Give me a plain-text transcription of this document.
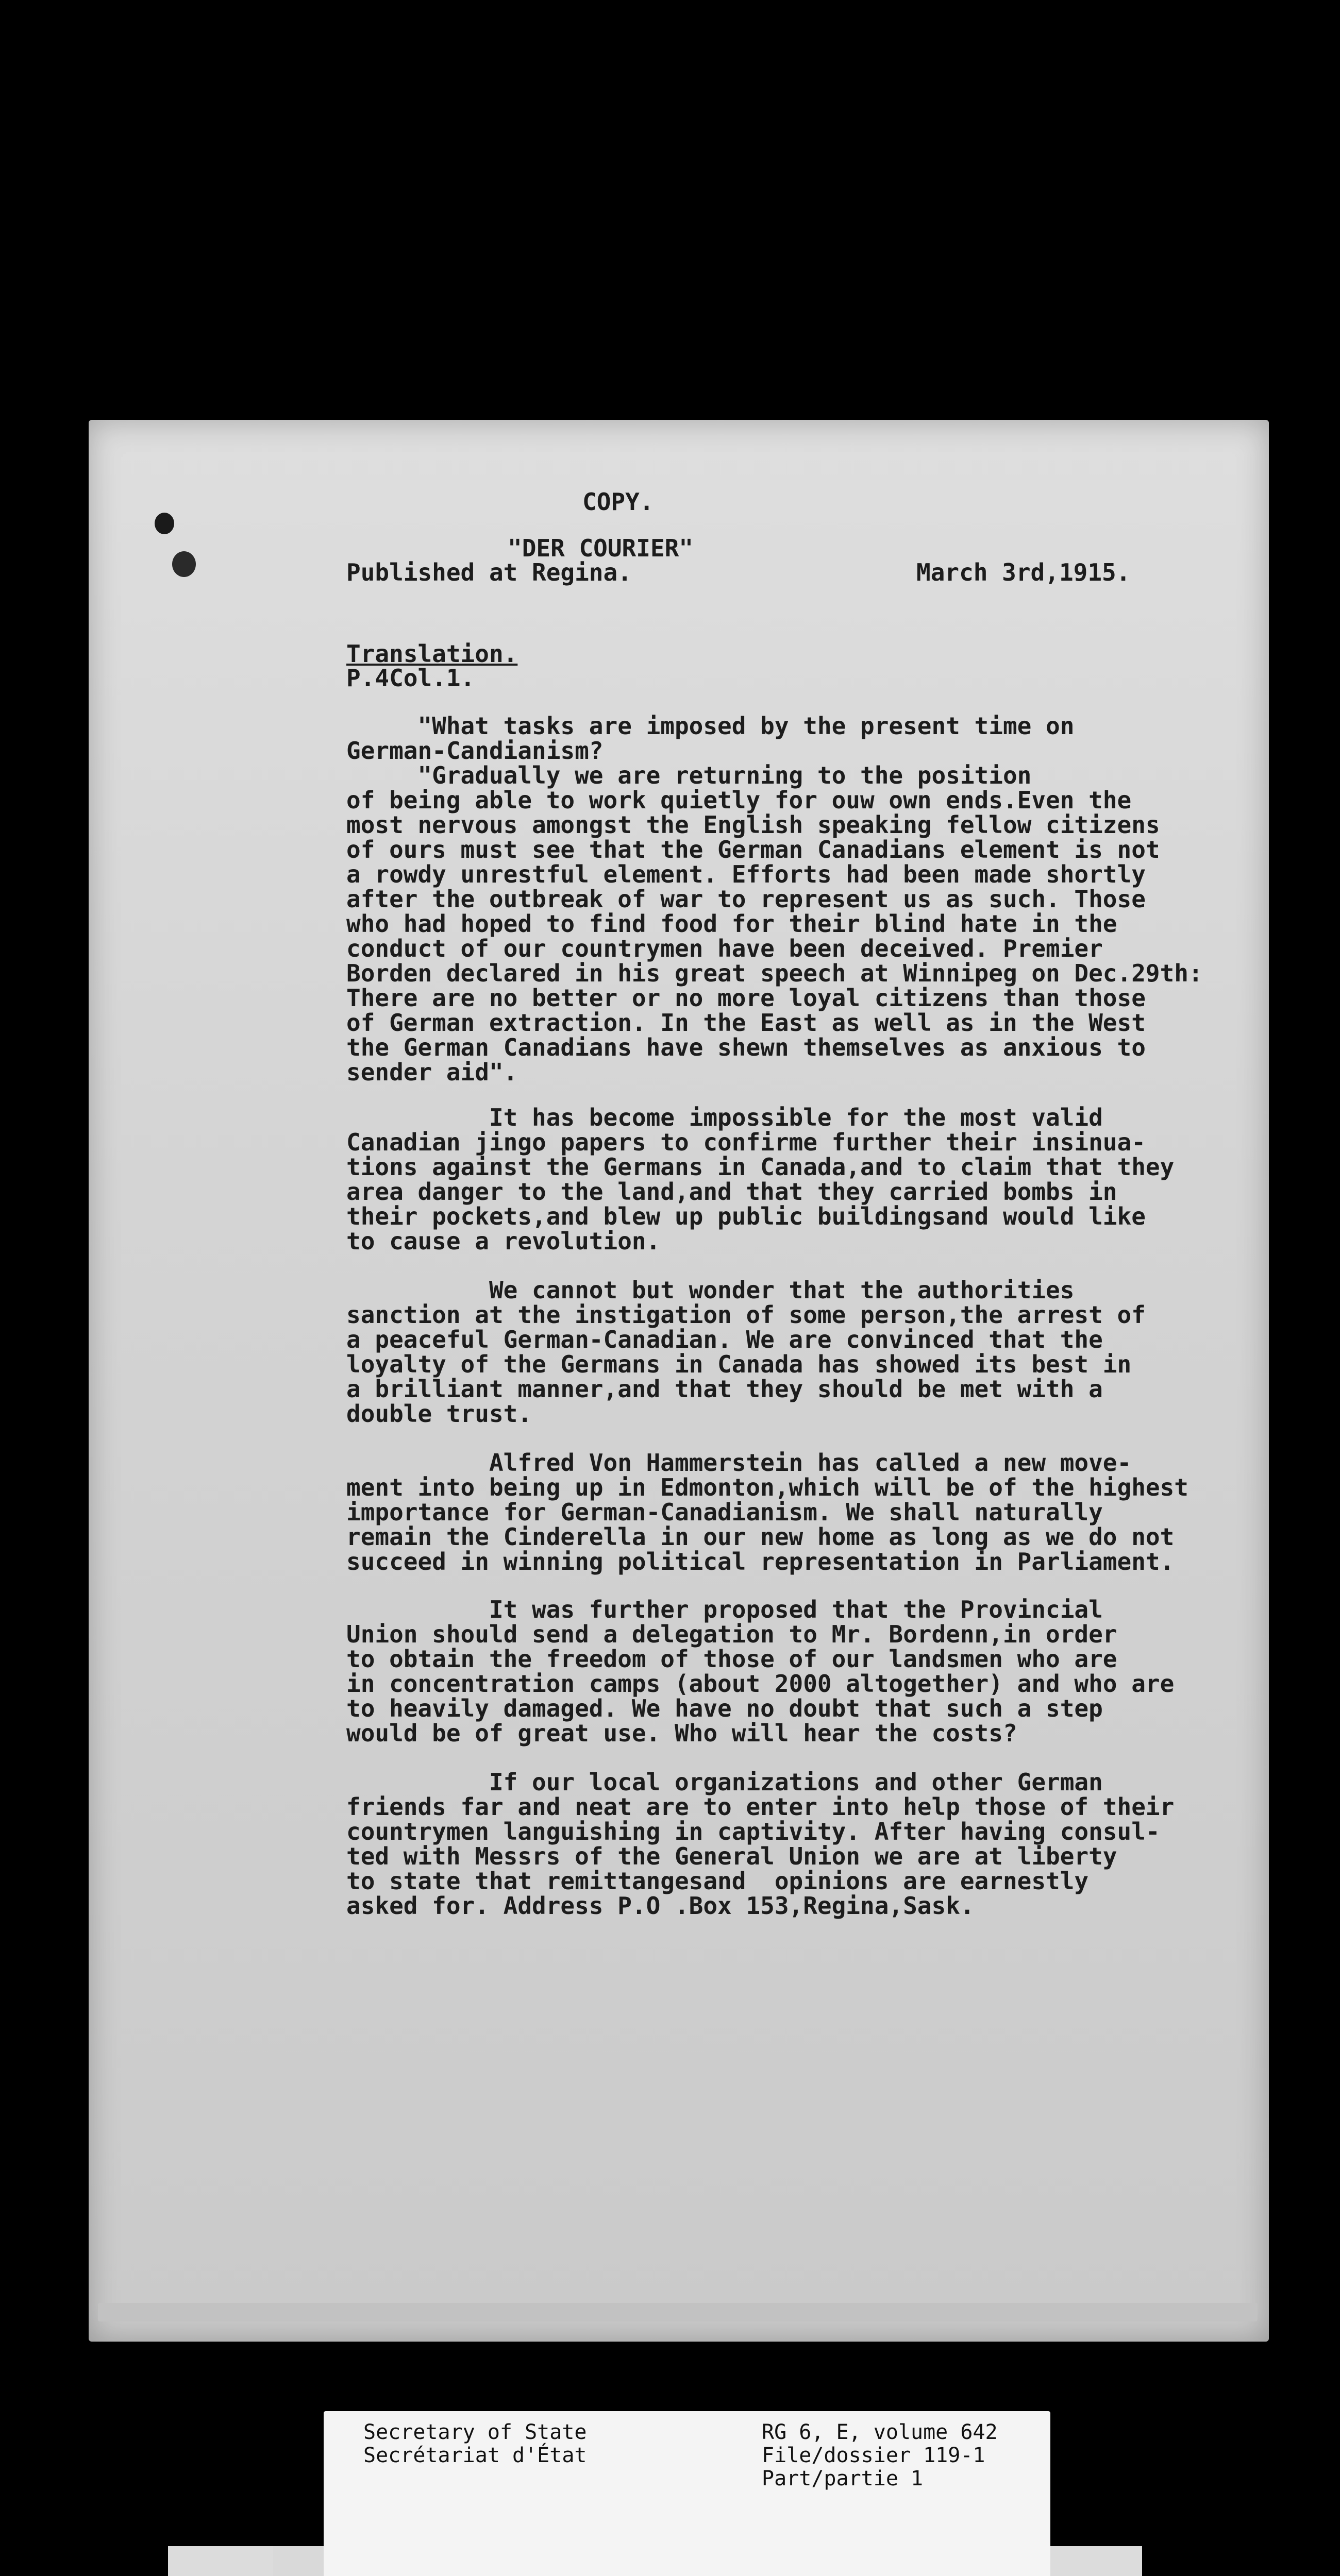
COPY.

"DER COURIER"

Published at Regina.	March 3rd,1915.

Translation.

P.4Col.1.

"What tasks are imposed by the present time on
German-Candianism?
"Gradually we are returning to the position
of being able to work quietly for ouw own ends.Even the
most nervous amongst the English speaking fellow citizens
of ours must see that the German Canadians element is not
a rowdy unrestful element. Efforts had been made shortly
after the outbreak of war to represent us as such. Those
who had hoped to find food for their blind hate in the
conduct of our countrymen have been deceived. Premier
Borden declared in his great speech at Winnipeg on Dec.29th:
There are no better or no more loyal citizens than those
of German extraction. In the East as well as in the West
the German Canadians have shewn themselves as anxious to
sender aid".
It has become impossible for the most valid
Canadian jingo papers to confirme further their insinua-
tions against the Germans in Canada,and to claim that they
area danger to the land,and that they carried bombs in
their pockets,and blew up public buildingsand would like
to cause a revolution.
We cannot but wonder that the authorities
sanction at the instigation of some person,the arrest of
a peaceful German-Canadian. We are convinced that the
loyalty of the Germans in Canada has showed its best in
a brilliant manner,and that they should be met with a
double trust.
Alfred Von Hammerstein has called a new move-
ment into being up in Edmonton,which will be of the highest
importance for German-Canadianism. We shall naturally
remain the Cinderella in our new home as long as we do not
succeed in winning political representation in Parliament.
It was further proposed that the Provincial
Union should send a delegation to Mr. Bordenn,in order
to obtain the freedom of those of our landsmen who are
in concentration camps (about 2000 altogether) and who are
to heavily damaged. We have no doubt that such a step
would be of great use. Who will hear the costs?
If our local organizations and other German
friends far and neat are to enter into help those of their
countrymen languishing in captivity. After having consul-
ted with Messrs of the General Union we are at liberty
to state that remittangesand  opinions are earnestly
asked for. Address P.O .Box 153,Regina,Sask.
Secretary of State
Secrétariat d'État
RG 6, E, volume 642
File/dossier 119-1
Part/partie 1
